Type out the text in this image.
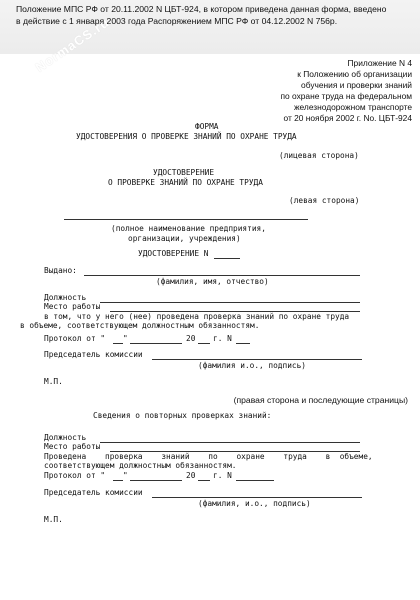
NormaCS.ru
Положение МПС РФ от 20.11.2002 N ЦБТ-924, в котором приведена данная форма, введено
в действие с 1 января 2003 года Распоряжением МПС РФ от 04.12.2002 N 756р.
Приложение N 4
к Положению об организации
обучения и проверки знаний
по охране труда на федеральном
железнодорожном транспорте
от 20 ноября 2002 г. No. ЦБТ-924
ФОРМА
УДОСТОВЕРЕНИЯ О ПРОВЕРКЕ ЗНАНИЙ ПО ОХРАНЕ ТРУДА
(лицевая сторона)
УДОСТОВЕРЕНИЕ
О ПРОВЕРКЕ ЗНАНИЙ ПО ОХРАНЕ ТРУДА
(левая сторона)
(полное наименование предприятия,
организации, учреждения)
УДОСТОВЕРЕНИЕ N
Выдано:
(фамилия, имя, отчество)
Должность
Место работы
в том, что у него (нее) проведена проверка знаний по охране труда
в объеме, соответствующем должностным обязанностям.
Протокол от " "	20 г. N
Председатель комиссии
(фамилия и.о., подпись)
М.П.
(правая сторона и последующие страницы)
Сведения о повторных проверках знаний:
Должность
Место работы
Проведена    проверка    знаний    по    охране    труда    в  объеме,
соответствующем должностным обязанностям.
Протокол от " "	20 г. N
Председатель комиссии
(фамилия, и.о., подпись)
М.П.
